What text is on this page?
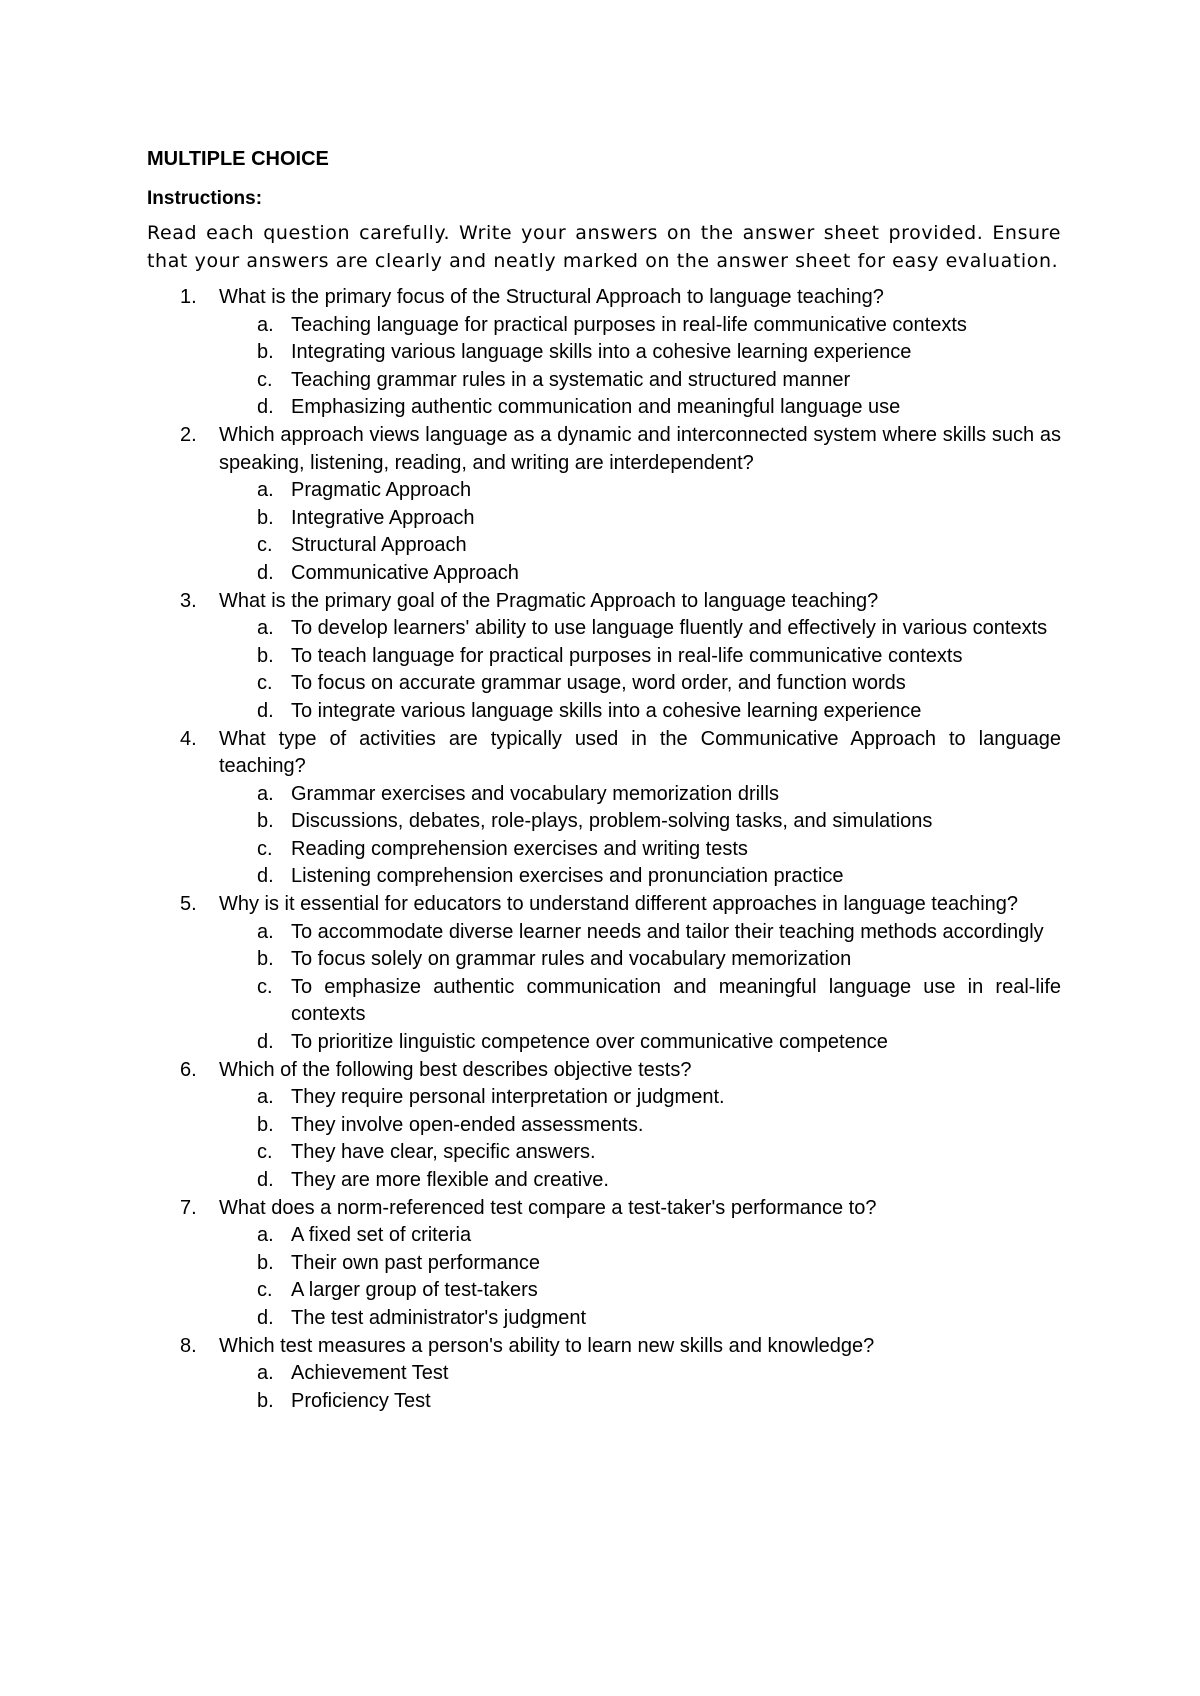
MULTIPLE CHOICE
Instructions:

Read each question carefully. Write your answers on the answer sheet provided. Ensure that your answers are clearly and neatly marked on the answer sheet for easy evaluation.

1. What is the primary focus of the Structural Approach to language teaching?
a. Teaching language for practical purposes in real-life communicative contexts
b. Integrating various language skills into a cohesive learning experience
c. Teaching grammar rules in a systematic and structured manner
d. Emphasizing authentic communication and meaningful language use
2. Which approach views language as a dynamic and interconnected system where skills such as speaking, listening, reading, and writing are interdependent?
a. Pragmatic Approach
b. Integrative Approach
c. Structural Approach
d. Communicative Approach
3. What is the primary goal of the Pragmatic Approach to language teaching?
a. To develop learners' ability to use language fluently and effectively in various contexts
b. To teach language for practical purposes in real-life communicative contexts
c. To focus on accurate grammar usage, word order, and function words
d. To integrate various language skills into a cohesive learning experience
4. What type of activities are typically used in the Communicative Approach to language teaching?
a. Grammar exercises and vocabulary memorization drills
b. Discussions, debates, role-plays, problem-solving tasks, and simulations
c. Reading comprehension exercises and writing tests
d. Listening comprehension exercises and pronunciation practice
5. Why is it essential for educators to understand different approaches in language teaching?
a. To accommodate diverse learner needs and tailor their teaching methods accordingly
b. To focus solely on grammar rules and vocabulary memorization
c. To emphasize authentic communication and meaningful language use in real-life contexts
d. To prioritize linguistic competence over communicative competence
6. Which of the following best describes objective tests?
a. They require personal interpretation or judgment.
b. They involve open-ended assessments.
c. They have clear, specific answers.
d. They are more flexible and creative.
7. What does a norm-referenced test compare a test-taker's performance to?
a. A fixed set of criteria
b. Their own past performance
c. A larger group of test-takers
d. The test administrator's judgment
8. Which test measures a person's ability to learn new skills and knowledge?
a. Achievement Test
b. Proficiency Test
